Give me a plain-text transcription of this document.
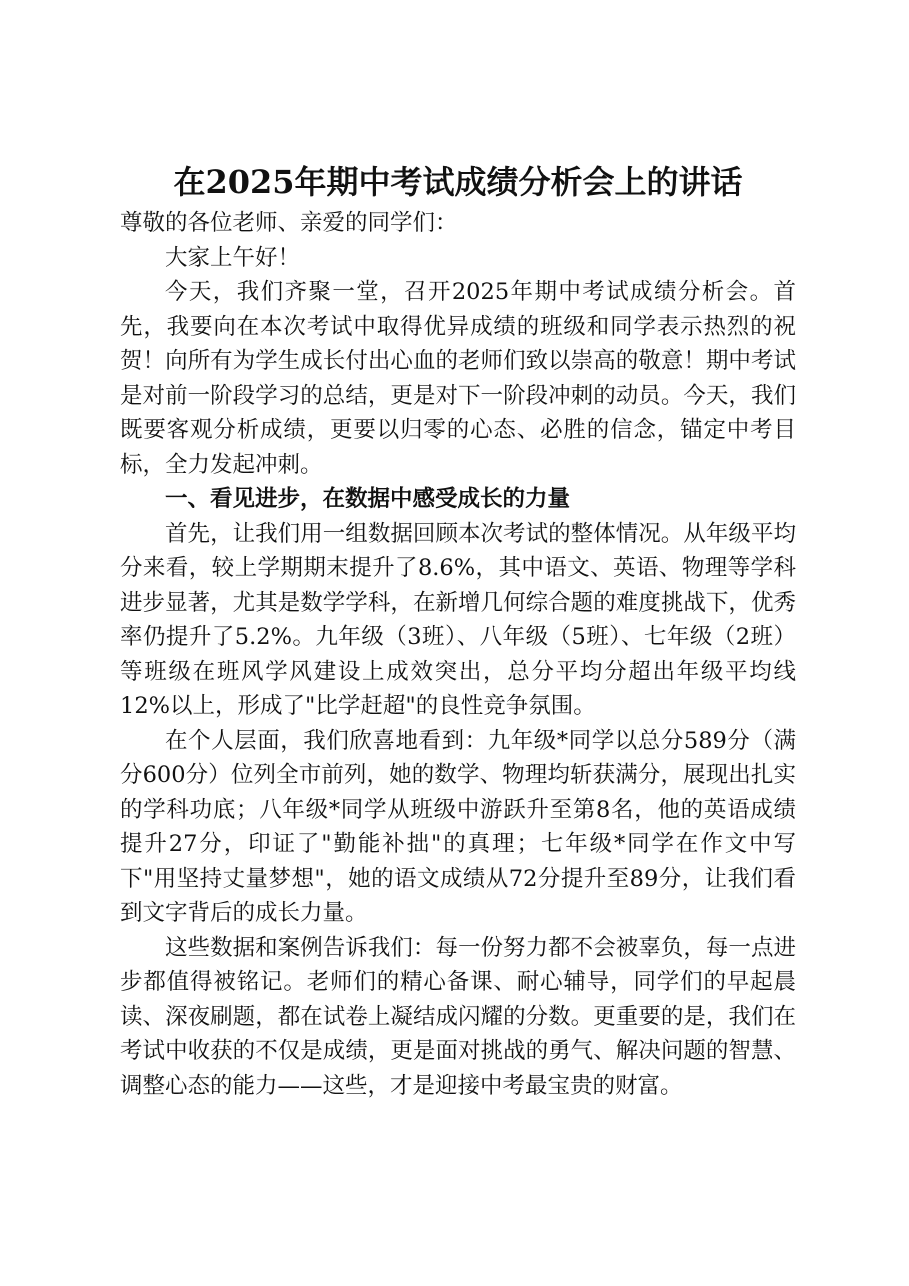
在2025年期中考试成绩分析会上的讲话

尊敬的各位老师、亲爱的同学们：

大家上午好！

今天，我们齐聚一堂，召开2025年期中考试成绩分析会。首先，我要向在本次考试中取得优异成绩的班级和同学表示热烈的祝贺！向所有为学生成长付出心血的老师们致以崇高的敬意！期中考试是对前一阶段学习的总结，更是对下一阶段冲刺的动员。今天，我们既要客观分析成绩，更要以归零的心态、必胜的信念，锚定中考目标，全力发起冲刺。

一、看见进步，在数据中感受成长的力量

首先，让我们用一组数据回顾本次考试的整体情况。从年级平均分来看，较上学期期末提升了8.6%，其中语文、英语、物理等学科进步显著，尤其是数学学科，在新增几何综合题的难度挑战下，优秀率仍提升了5.2%。九年级（3班）、八年级（5班）、七年级（2班）等班级在班风学风建设上成效突出，总分平均分超出年级平均线12%以上，形成了"比学赶超"的良性竞争氛围。

在个人层面，我们欣喜地看到：九年级*同学以总分589分（满分600分）位列全市前列，她的数学、物理均斩获满分，展现出扎实的学科功底；八年级*同学从班级中游跃升至第8名，他的英语成绩提升27分，印证了"勤能补拙"的真理；七年级*同学在作文中写下"用坚持丈量梦想"，她的语文成绩从72分提升至89分，让我们看到文字背后的成长力量。

这些数据和案例告诉我们：每一份努力都不会被辜负，每一点进步都值得被铭记。老师们的精心备课、耐心辅导，同学们的早起晨读、深夜刷题，都在试卷上凝结成闪耀的分数。更重要的是，我们在考试中收获的不仅是成绩，更是面对挑战的勇气、解决问题的智慧、调整心态的能力——这些，才是迎接中考最宝贵的财富。
